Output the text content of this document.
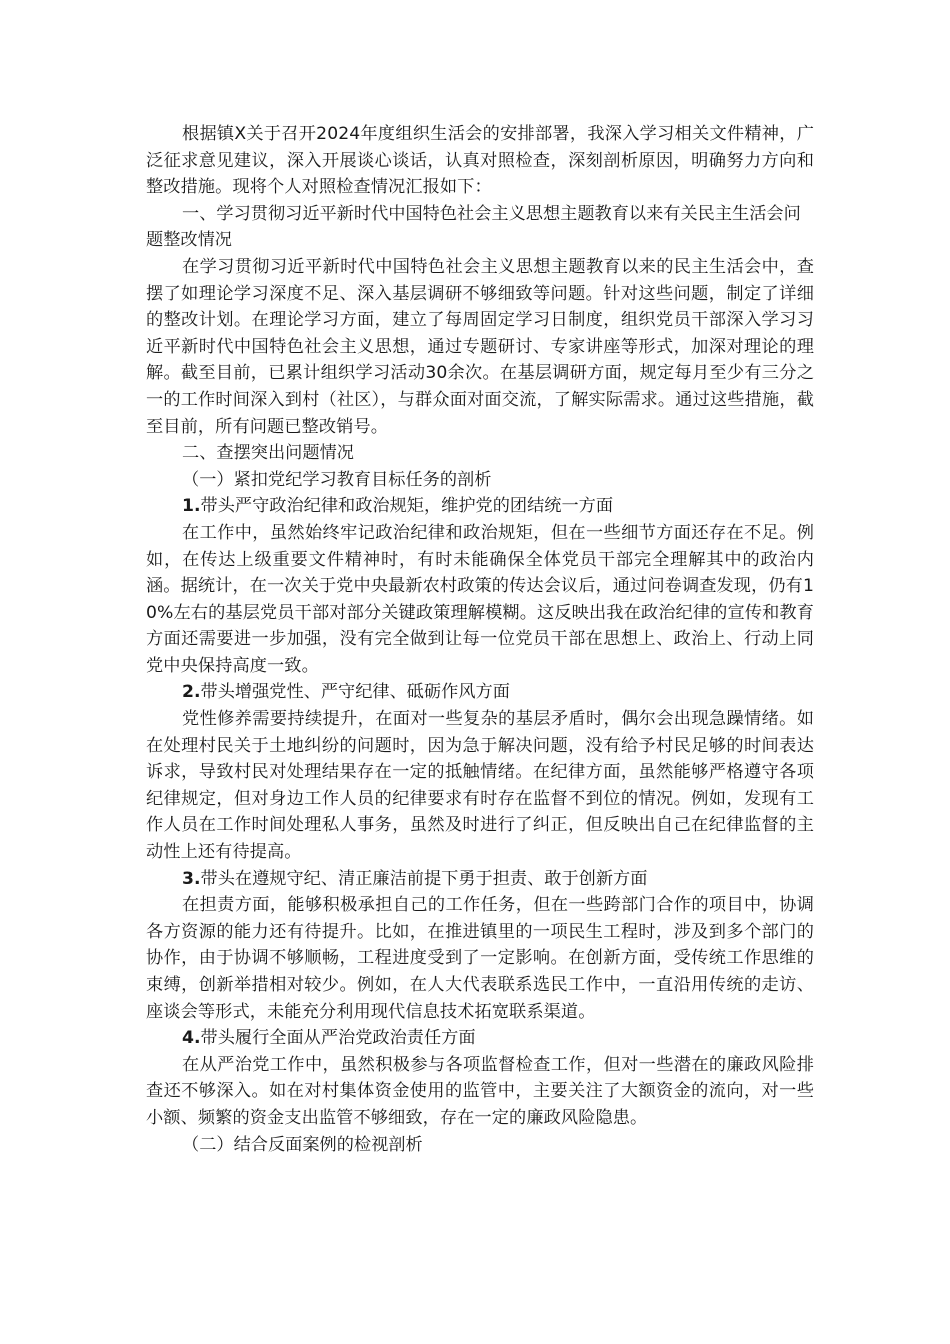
根据镇X关于召开2024年度组织生活会的安排部署，我深入学习相关文件精神，广泛征求意见建议，深入开展谈心谈话，认真对照检查，深刻剖析原因，明确努力方向和整改措施。现将个人对照检查情况汇报如下：

一、学习贯彻习近平新时代中国特色社会主义思想主题教育以来有关民主生活会问题整改情况

在学习贯彻习近平新时代中国特色社会主义思想主题教育以来的民主生活会中，查摆了如理论学习深度不足、深入基层调研不够细致等问题。针对这些问题，制定了详细的整改计划。在理论学习方面，建立了每周固定学习日制度，组织党员干部深入学习习近平新时代中国特色社会主义思想，通过专题研讨、专家讲座等形式，加深对理论的理解。截至目前，已累计组织学习活动30余次。在基层调研方面，规定每月至少有三分之一的工作时间深入到村（社区），与群众面对面交流，了解实际需求。通过这些措施，截至目前，所有问题已整改销号。

二、查摆突出问题情况

（一）紧扣党纪学习教育目标任务的剖析

1.带头严守政治纪律和政治规矩，维护党的团结统一方面

在工作中，虽然始终牢记政治纪律和政治规矩，但在一些细节方面还存在不足。例如，在传达上级重要文件精神时，有时未能确保全体党员干部完全理解其中的政治内涵。据统计，在一次关于党中央最新农村政策的传达会议后，通过问卷调查发现，仍有10%左右的基层党员干部对部分关键政策理解模糊。这反映出我在政治纪律的宣传和教育方面还需要进一步加强，没有完全做到让每一位党员干部在思想上、政治上、行动上同党中央保持高度一致。

2.带头增强党性、严守纪律、砥砺作风方面

党性修养需要持续提升，在面对一些复杂的基层矛盾时，偶尔会出现急躁情绪。如在处理村民关于土地纠纷的问题时，因为急于解决问题，没有给予村民足够的时间表达诉求，导致村民对处理结果存在一定的抵触情绪。在纪律方面，虽然能够严格遵守各项纪律规定，但对身边工作人员的纪律要求有时存在监督不到位的情况。例如，发现有工作人员在工作时间处理私人事务，虽然及时进行了纠正，但反映出自己在纪律监督的主动性上还有待提高。

3.带头在遵规守纪、清正廉洁前提下勇于担责、敢于创新方面

在担责方面，能够积极承担自己的工作任务，但在一些跨部门合作的项目中，协调各方资源的能力还有待提升。比如，在推进镇里的一项民生工程时，涉及到多个部门的协作，由于协调不够顺畅，工程进度受到了一定影响。在创新方面，受传统工作思维的束缚，创新举措相对较少。例如，在人大代表联系选民工作中，一直沿用传统的走访、座谈会等形式，未能充分利用现代信息技术拓宽联系渠道。

4.带头履行全面从严治党政治责任方面

在从严治党工作中，虽然积极参与各项监督检查工作，但对一些潜在的廉政风险排查还不够深入。如在对村集体资金使用的监管中，主要关注了大额资金的流向，对一些小额、频繁的资金支出监管不够细致，存在一定的廉政风险隐患。

（二）结合反面案例的检视剖析
